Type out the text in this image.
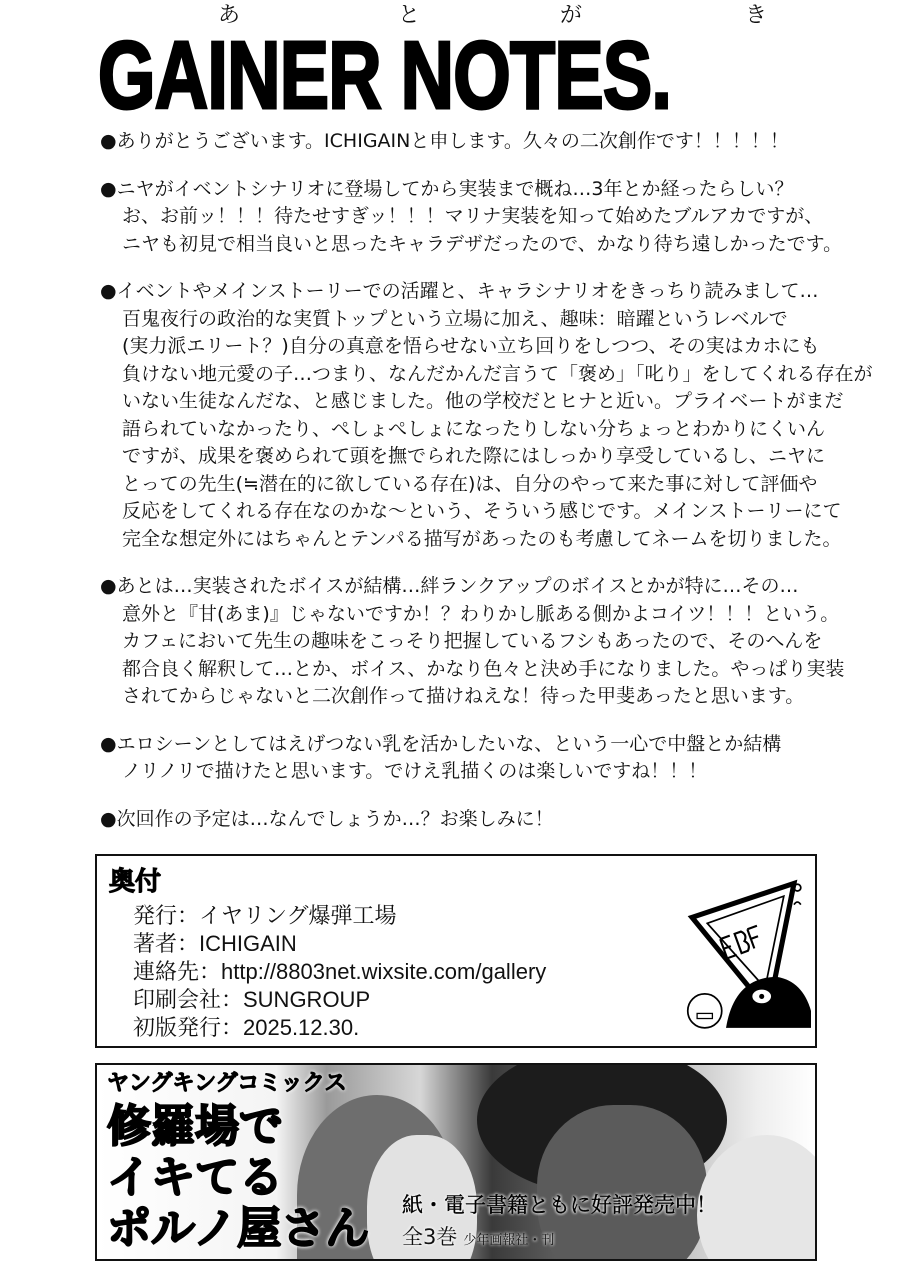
あ	と	が	き
GAINER NOTES.
●ありがとうございます。ICHIGAINと申します。久々の二次創作です！！！！！
●ニヤがイベントシナリオに登場してから実装まで概ね…3年とか経ったらしい？
お、お前ッ！！！待たせすぎッ！！！マリナ実装を知って始めたブルアカですが、
ニヤも初見で相当良いと思ったキャラデザだったので、かなり待ち遠しかったです。
●イベントやメインストーリーでの活躍と、キャラシナリオをきっちり読みまして…
百鬼夜行の政治的な実質トップという立場に加え、趣味：暗躍というレベルで
(実力派エリート？)自分の真意を悟らせない立ち回りをしつつ、その実はカホにも
負けない地元愛の子…つまり、なんだかんだ言うて「褒め」「叱り」をしてくれる存在が
いない生徒なんだな、と感じました。他の学校だとヒナと近い。プライベートがまだ
語られていなかったり、ぺしょぺしょになったりしない分ちょっとわかりにくいん
ですが、成果を褒められて頭を撫でられた際にはしっかり享受しているし、ニヤに
とっての先生(≒潜在的に欲している存在)は、自分のやって来た事に対して評価や
反応をしてくれる存在なのかな～という、そういう感じです。メインストーリーにて
完全な想定外にはちゃんとテンパる描写があったのも考慮してネームを切りました。
●あとは…実装されたボイスが結構…絆ランクアップのボイスとかが特に…その…
意外と『甘(あま)』じゃないですか！？わりかし脈ある側かよコイツ！！！という。
カフェにおいて先生の趣味をこっそり把握しているフシもあったので、そのへんを
都合良く解釈して…とか、ボイス、かなり色々と決め手になりました。やっぱり実装
されてからじゃないと二次創作って描けねえな！待った甲斐あったと思います。
●エロシーンとしてはえげつない乳を活かしたいな、という一心で中盤とか結構
ノリノリで描けたと思います。でけえ乳描くのは楽しいですね！！！
●次回作の予定は…なんでしょうか…？お楽しみに！
奥付
発行：イヤリング爆弾工場
著者：ICHIGAIN
連絡先：http://8803net.wixsite.com/gallery
印刷会社：SUNGROUP
初版発行：2025.12.30.
ヤングキングコミックス
修羅場で
イキてる
ポルノ屋さん 紙・電子書籍ともに好評発売中！
全3巻 少年画報社・刊
